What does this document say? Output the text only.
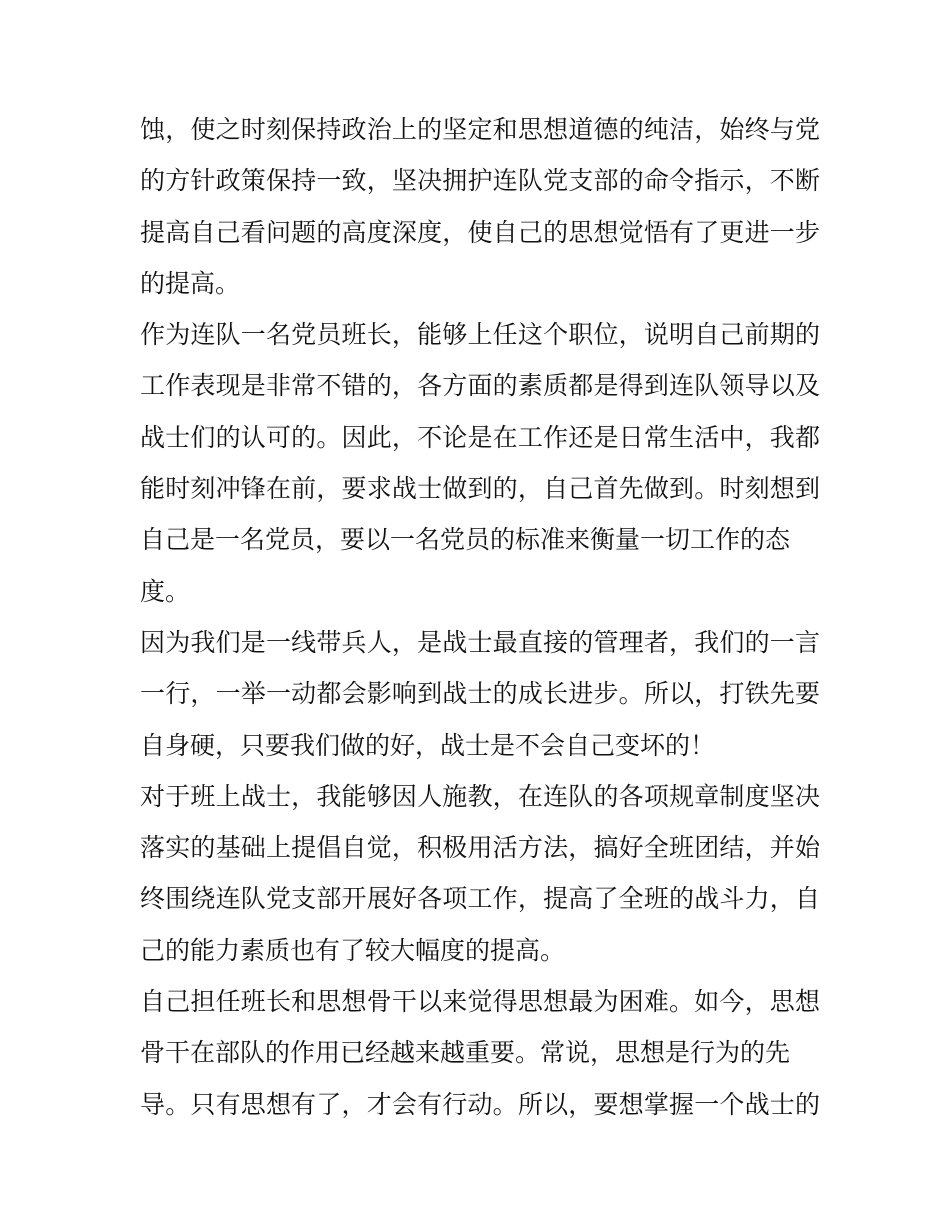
蚀，使之时刻保持政治上的坚定和思想道德的纯洁，始终与党
的方针政策保持一致，坚决拥护连队党支部的命令指示，不断
提高自己看问题的高度深度，使自己的思想觉悟有了更进一步
的提高。
作为连队一名党员班长，能够上任这个职位，说明自己前期的
工作表现是非常不错的，各方面的素质都是得到连队领导以及
战士们的认可的。因此，不论是在工作还是日常生活中，我都
能时刻冲锋在前，要求战士做到的，自己首先做到。时刻想到
自己是一名党员，要以一名党员的标准来衡量一切工作的态
度。
因为我们是一线带兵人，是战士最直接的管理者，我们的一言
一行，一举一动都会影响到战士的成长进步。所以，打铁先要
自身硬，只要我们做的好，战士是不会自己变坏的！
对于班上战士，我能够因人施教，在连队的各项规章制度坚决
落实的基础上提倡自觉，积极用活方法，搞好全班团结，并始
终围绕连队党支部开展好各项工作，提高了全班的战斗力，自
己的能力素质也有了较大幅度的提高。
自己担任班长和思想骨干以来觉得思想最为困难。如今，思想
骨干在部队的作用已经越来越重要。常说，思想是行为的先
导。只有思想有了，才会有行动。所以，要想掌握一个战士的
